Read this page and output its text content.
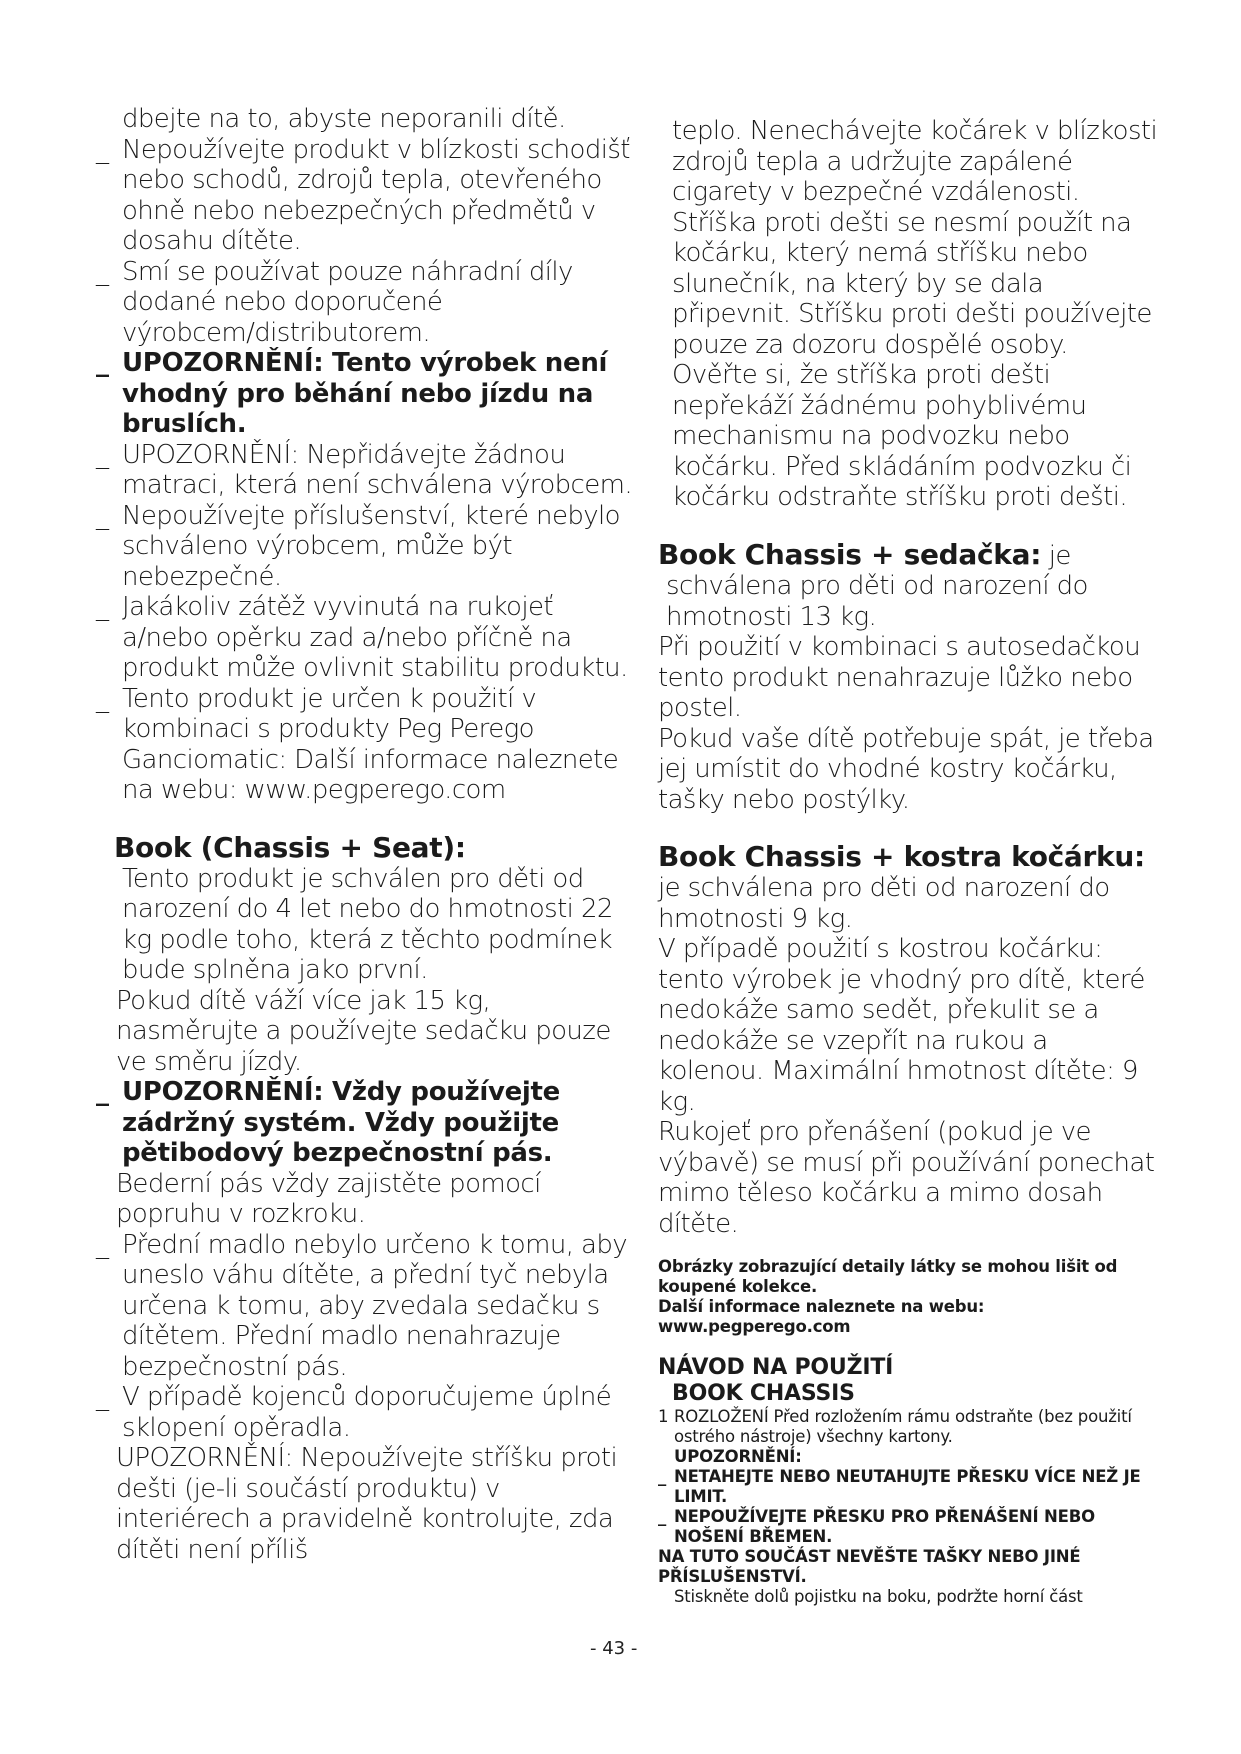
dbejte na to, abyste neporanili dítě.
_ Nepoužívejte produkt v blízkosti schodišť nebo schodů, zdrojů tepla, otevřeného ohně nebo nebezpečných předmětů v dosahu dítěte.
_ Smí se používat pouze náhradní díly dodané nebo doporučené výrobcem/distributorem.
_ UPOZORNĚNÍ: Tento výrobek není vhodný pro běhání nebo jízdu na bruslích.
_ UPOZORNĚNÍ: Nepřidávejte žádnou matraci, která není schválena výrobcem.
_ Nepoužívejte příslušenství, které nebylo schváleno výrobcem, může být nebezpečné.
_ Jakákoliv zátěž vyvinutá na rukojeť a/nebo opěrku zad a/nebo příčně na produkt může ovlivnit stabilitu produktu.
_ Tento produkt je určen k použití v kombinaci s produkty Peg Perego Ganciomatic: Další informace naleznete na webu: www.pegperego.com
Book (Chassis + Seat):
Tento produkt je schválen pro děti od narození do 4 let nebo do hmotnosti 22 kg podle toho, která z těchto podmínek bude splněna jako první.
Pokud dítě váží více jak 15 kg, nasměrujte a používejte sedačku pouze ve směru jízdy.
_ UPOZORNĚNÍ: Vždy používejte zádržný systém. Vždy použijte pětibodový bezpečnostní pás.
Bederní pás vždy zajistěte pomocí popruhu v rozkroku.
_ Přední madlo nebylo určeno k tomu, aby uneslo váhu dítěte, a přední tyč nebyla určena k tomu, aby zvedala sedačku s dítětem. Přední madlo nenahrazuje bezpečnostní pás.
_ V případě kojenců doporučujeme úplné sklopení opěradla.
UPOZORNĚNÍ: Nepoužívejte stříšku proti dešti (je-li součástí produktu) v interiérech a pravidelně kontrolujte, zda dítěti není příliš
teplo. Nenechávejte kočárek v blízkosti zdrojů tepla a udržujte zapálené cigarety v bezpečné vzdálenosti. Stříška proti dešti se nesmí použít na kočárku, který nemá stříšku nebo slunečník, na který by se dala připevnit. Stříšku proti dešti používejte pouze za dozoru dospělé osoby. Ověřte si, že stříška proti dešti nepřekáží žádnému pohyblivému mechanismu na podvozku nebo kočárku. Před skládáním podvozku či kočárku odstraňte stříšku proti dešti.
Book Chassis + sedačka: je
schválena pro děti od narození do hmotnosti 13 kg.
Při použití v kombinaci s autosedačkou tento produkt nenahrazuje lůžko nebo postel.
Pokud vaše dítě potřebuje spát, je třeba jej umístit do vhodné kostry kočárku, tašky nebo postýlky.
Book Chassis + kostra kočárku:
je schválena pro děti od narození do hmotnosti 9 kg.
V případě použití s kostrou kočárku: tento výrobek je vhodný pro dítě, které nedokáže samo sedět, překulit se a nedokáže se vzepřít na rukou a kolenou. Maximální hmotnost dítěte: 9 kg.
Rukojeť pro přenášení (pokud je ve výbavě) se musí při používání ponechat mimo těleso kočárku a mimo dosah dítěte.
Obrázky zobrazující detaily látky se mohou lišit od koupené kolekce.
Další informace naleznete na webu: www.pegperego.com
NÁVOD NA POUŽITÍ
BOOK CHASSIS
1 ROZLOŽENÍ Před rozložením rámu odstraňte (bez použití ostrého nástroje) všechny kartony.
UPOZORNĚNÍ:
_ NETAHEJTE NEBO NEUTAHUJTE PŘESKU VÍCE NEŽ JE LIMIT.
_ NEPOUŽÍVEJTE PŘESKU PRO PŘENÁŠENÍ NEBO NOŠENÍ BŘEMEN.
NA TUTO SOUČÁST NEVĚŠTE TAŠKY NEBO JINÉ PŘÍSLUŠENSTVÍ.
Stiskněte dolů pojistku na boku, podržte horní část
- 43 -
